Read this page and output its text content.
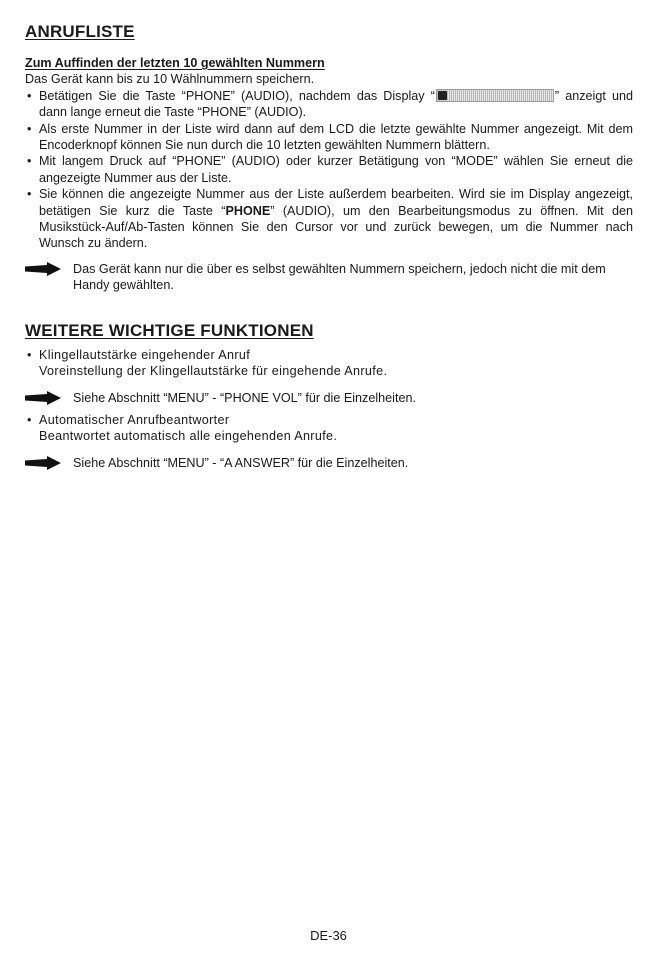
ANRUFLISTE
Zum Auffinden der letzten 10 gewählten Nummern

Das Gerät kann bis zu 10 Wählnummern speichern.

• Betätigen Sie die Taste “PHONE” (AUDIO), nachdem das Display “	” anzeigt und dann lange erneut die Taste “PHONE” (AUDIO).
• Als erste Nummer in der Liste wird dann auf dem LCD die letzte gewählte Nummer angezeigt. Mit dem Encoderknopf können Sie nun durch die 10 letzten gewählten Nummern blättern.
• Mit langem Druck auf “PHONE” (AUDIO) oder kurzer Betätigung von “MODE” wählen Sie erneut die angezeigte Nummer aus der Liste.
• Sie können die angezeigte Nummer aus der Liste außerdem bearbeiten. Wird sie im Display angezeigt, betätigen Sie kurz die Taste “PHONE” (AUDIO), um den Bearbeitungsmodus zu öffnen. Mit den Musikstück-Auf/Ab-Tasten können Sie den Cursor vor und zurück bewegen, um die Nummer nach Wunsch zu ändern.
Das Gerät kann nur die über es selbst gewählten Nummern speichern, jedoch nicht die mit dem Handy gewählten.
WEITERE WICHTIGE FUNKTIONEN
• Klingellautstärke eingehender Anruf
Voreinstellung der Klingellautstärke für eingehende Anrufe.
Siehe Abschnitt “MENU” - “PHONE VOL” für die Einzelheiten.
• Automatischer Anrufbeantworter
Beantwortet automatisch alle eingehenden Anrufe.
Siehe Abschnitt “MENU” - “A ANSWER” für die Einzelheiten.
DE-36
